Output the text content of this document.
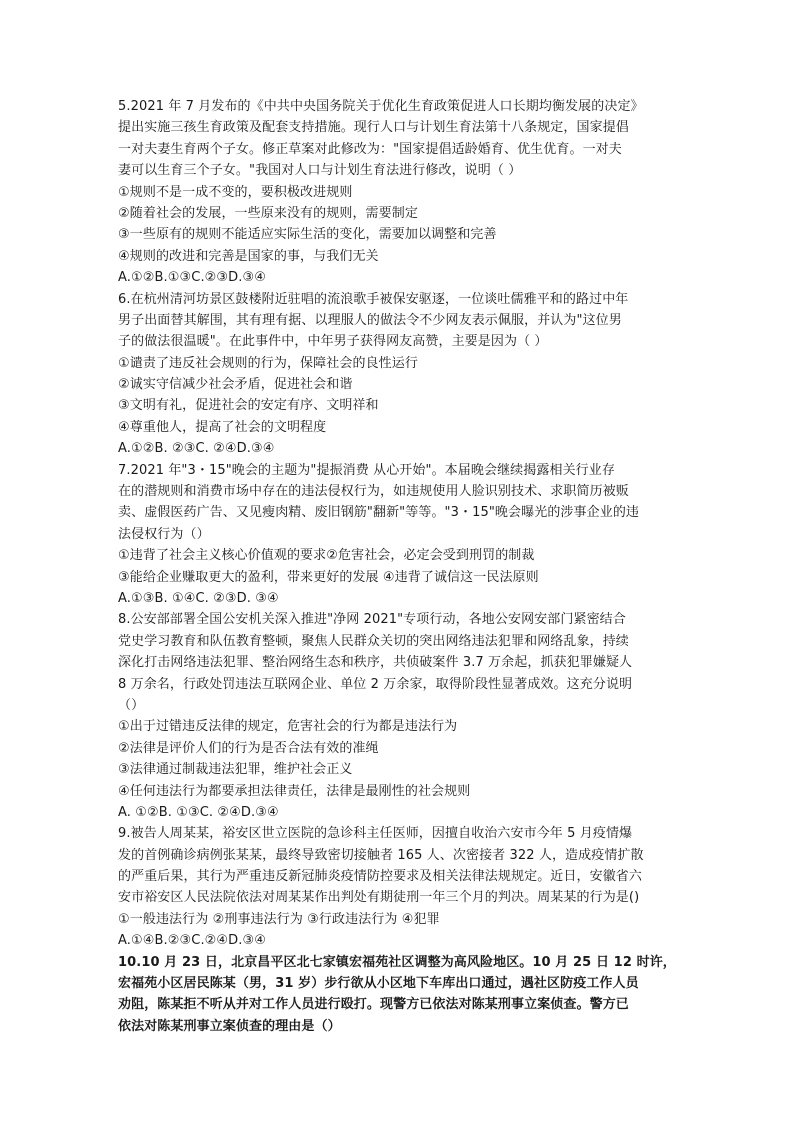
5.2021 年 7 月发布的《中共中央国务院关于优化生育政策促进人口长期均衡发展的决定》
提出实施三孩生育政策及配套支持措施。现行人口与计划生育法第十八条规定，国家提倡
一对夫妻生育两个子女。修正草案对此修改为："国家提倡适龄婚育、优生优育。一对夫
妻可以生育三个子女。"我国对人口与计划生育法进行修改，说明（ ）
①规则不是一成不变的，要积极改进规则
②随着社会的发展，一些原来没有的规则，需要制定
③一些原有的规则不能适应实际生活的变化，需要加以调整和完善
④规则的改进和完善是国家的事，与我们无关
A.①②B.①③C.②③D.③④
6.在杭州清河坊景区鼓楼附近驻唱的流浪歌手被保安驱逐，一位谈吐儒雅平和的路过中年
男子出面替其解围，其有理有据、以理服人的做法令不少网友表示佩服，并认为"这位男
子的做法很温暖"。在此事件中，中年男子获得网友高赞，主要是因为（ ）
①谴责了违反社会规则的行为，保障社会的良性运行
②诚实守信减少社会矛盾，促进社会和谐
③文明有礼，促进社会的安定有序、文明祥和
④尊重他人，提高了社会的文明程度
A.①②B. ②③C. ②④D.③④
7.2021 年"3・15"晚会的主题为"提振消费 从心开始"。本届晚会继续揭露相关行业存
在的潜规则和消费市场中存在的违法侵权行为，如违规使用人脸识别技术、求职简历被贩
卖、虚假医药广告、又见瘦肉精、废旧钢筋"翻新"等等。"3・15"晚会曝光的涉事企业的违
法侵权行为（）
①违背了社会主义核心价值观的要求②危害社会，必定会受到刑罚的制裁
③能给企业赚取更大的盈利，带来更好的发展 ④违背了诚信这一民法原则
A.①③B. ①④C. ②③D. ③④
8.公安部部署全国公安机关深入推进"净网 2021"专项行动，各地公安网安部门紧密结合
党史学习教育和队伍教育整顿，聚焦人民群众关切的突出网络违法犯罪和网络乱象，持续
深化打击网络违法犯罪、整治网络生态和秩序，共侦破案件 3.7 万余起，抓获犯罪嫌疑人
8 万余名，行政处罚违法互联网企业、单位 2 万余家，取得阶段性显著成效。这充分说明
（）
①出于过错违反法律的规定，危害社会的行为都是违法行为
②法律是评价人们的行为是否合法有效的准绳
③法律通过制裁违法犯罪，维护社会正义
④任何违法行为都要承担法律责任，法律是最刚性的社会规则
A. ①②B. ①③C. ②④D.③④
9.被告人周某某，裕安区世立医院的急诊科主任医师，因擅自收治六安市今年 5 月疫情爆
发的首例确诊病例张某某，最终导致密切接触者 165 人、次密接者 322 人，造成疫情扩散
的严重后果，其行为严重违反新冠肺炎疫情防控要求及相关法律法规规定。近日，安徽省六
安市裕安区人民法院依法对周某某作出判处有期徒刑一年三个月的判决。周某某的行为是()
①一般违法行为 ②刑事违法行为 ③行政违法行为 ④犯罪
A.①④B.②③C.②④D.③④
10.10 月 23 日，北京昌平区北七家镇宏福苑社区调整为高风险地区。10 月 25 日 12 时许，
宏福苑小区居民陈某（男，31 岁）步行欲从小区地下车库出口通过，遇社区防疫工作人员
劝阻，陈某拒不听从并对工作人员进行殴打。现警方已依法对陈某刑事立案侦查。警方已
依法对陈某刑事立案侦查的理由是（）
